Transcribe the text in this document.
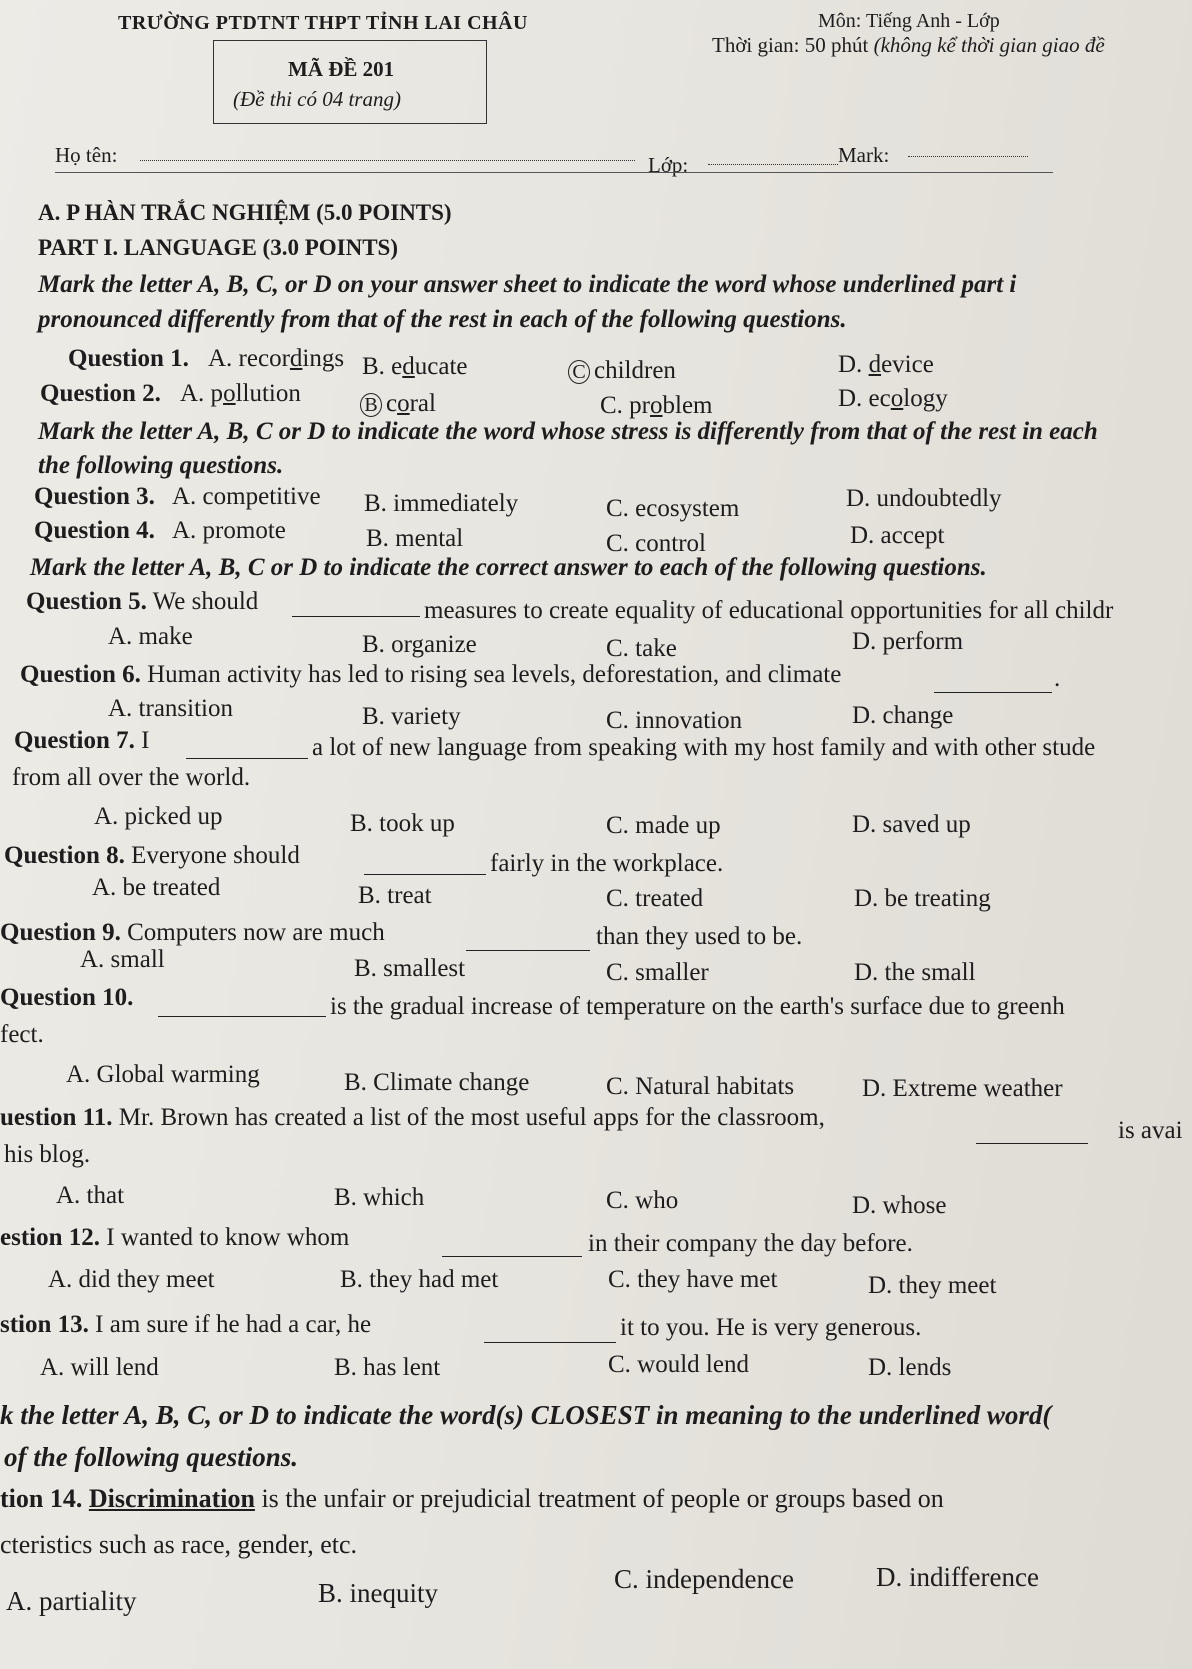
TRƯỜNG PTDTNT THPT TỈNH LAI CHÂU	Môn: Tiếng Anh - Lớp
Thời gian: 50 phút (không kể thời gian giao đề
MÃ ĐỀ 201
(Đề thi có 04 trang)
Họ tên:	Lớp:	Mark:
A. P HÀN TRẮC NGHIỆM (5.0 POINTS)
PART I. LANGUAGE (3.0 POINTS)
Mark the letter A, B, C, or D on your answer sheet to indicate the word whose underlined part i
pronounced differently from that of the rest in each of the following questions.
Question 1. A. recordings B. educate	C children	D. device
Question 2. A. pollution	B coral	C. problem	D. ecology
Mark the letter A, B, C or D to indicate the word whose stress is differently from that of the rest in each
the following questions.
Question 3. A. competitive B. immediately	C. ecosystem	D. undoubtedly
Question 4. A. promote	B. mental	C. control	D. accept
Mark the letter A, B, C or D to indicate the correct answer to each of the following questions.
Question 5. We should	measures to create equality of educational opportunities for all childr
A. make	B. organize	C. take	D. perform
Question 6. Human activity has led to rising sea levels, deforestation, and climate	.
A. transition	B. variety	C. innovation	D. change
Question 7. I	a lot of new language from speaking with my host family and with other stude
from all over the world.
A. picked up	B. took up	C. made up	D. saved up
Question 8. Everyone should	fairly in the workplace.
A. be treated	B. treat	C. treated	D. be treating
Question 9. Computers now are much	than they used to be.
A. small	B. smallest	C. smaller	D. the small
Question 10.	is the gradual increase of temperature on the earth's surface due to greenh
fect.
A. Global warming	B. Climate change	C. Natural habitats	D. Extreme weather
uestion 11. Mr. Brown has created a list of the most useful apps for the classroom,	is avai
his blog.
A. that	B. which	C. who	D. whose
estion 12. I wanted to know whom	in their company the day before.
A. did they meet	B. they had met	C. they have met	D. they meet
stion 13. I am sure if he had a car, he	it to you. He is very generous.
A. will lend	B. has lent	C. would lend	D. lends
k the letter A, B, C, or D to indicate the word(s) CLOSEST in meaning to the underlined word(
of the following questions.
tion 14. Discrimination is the unfair or prejudicial treatment of people or groups based on
cteristics such as race, gender, etc.
A. partiality	B. inequity	C. independence	D. indifference
